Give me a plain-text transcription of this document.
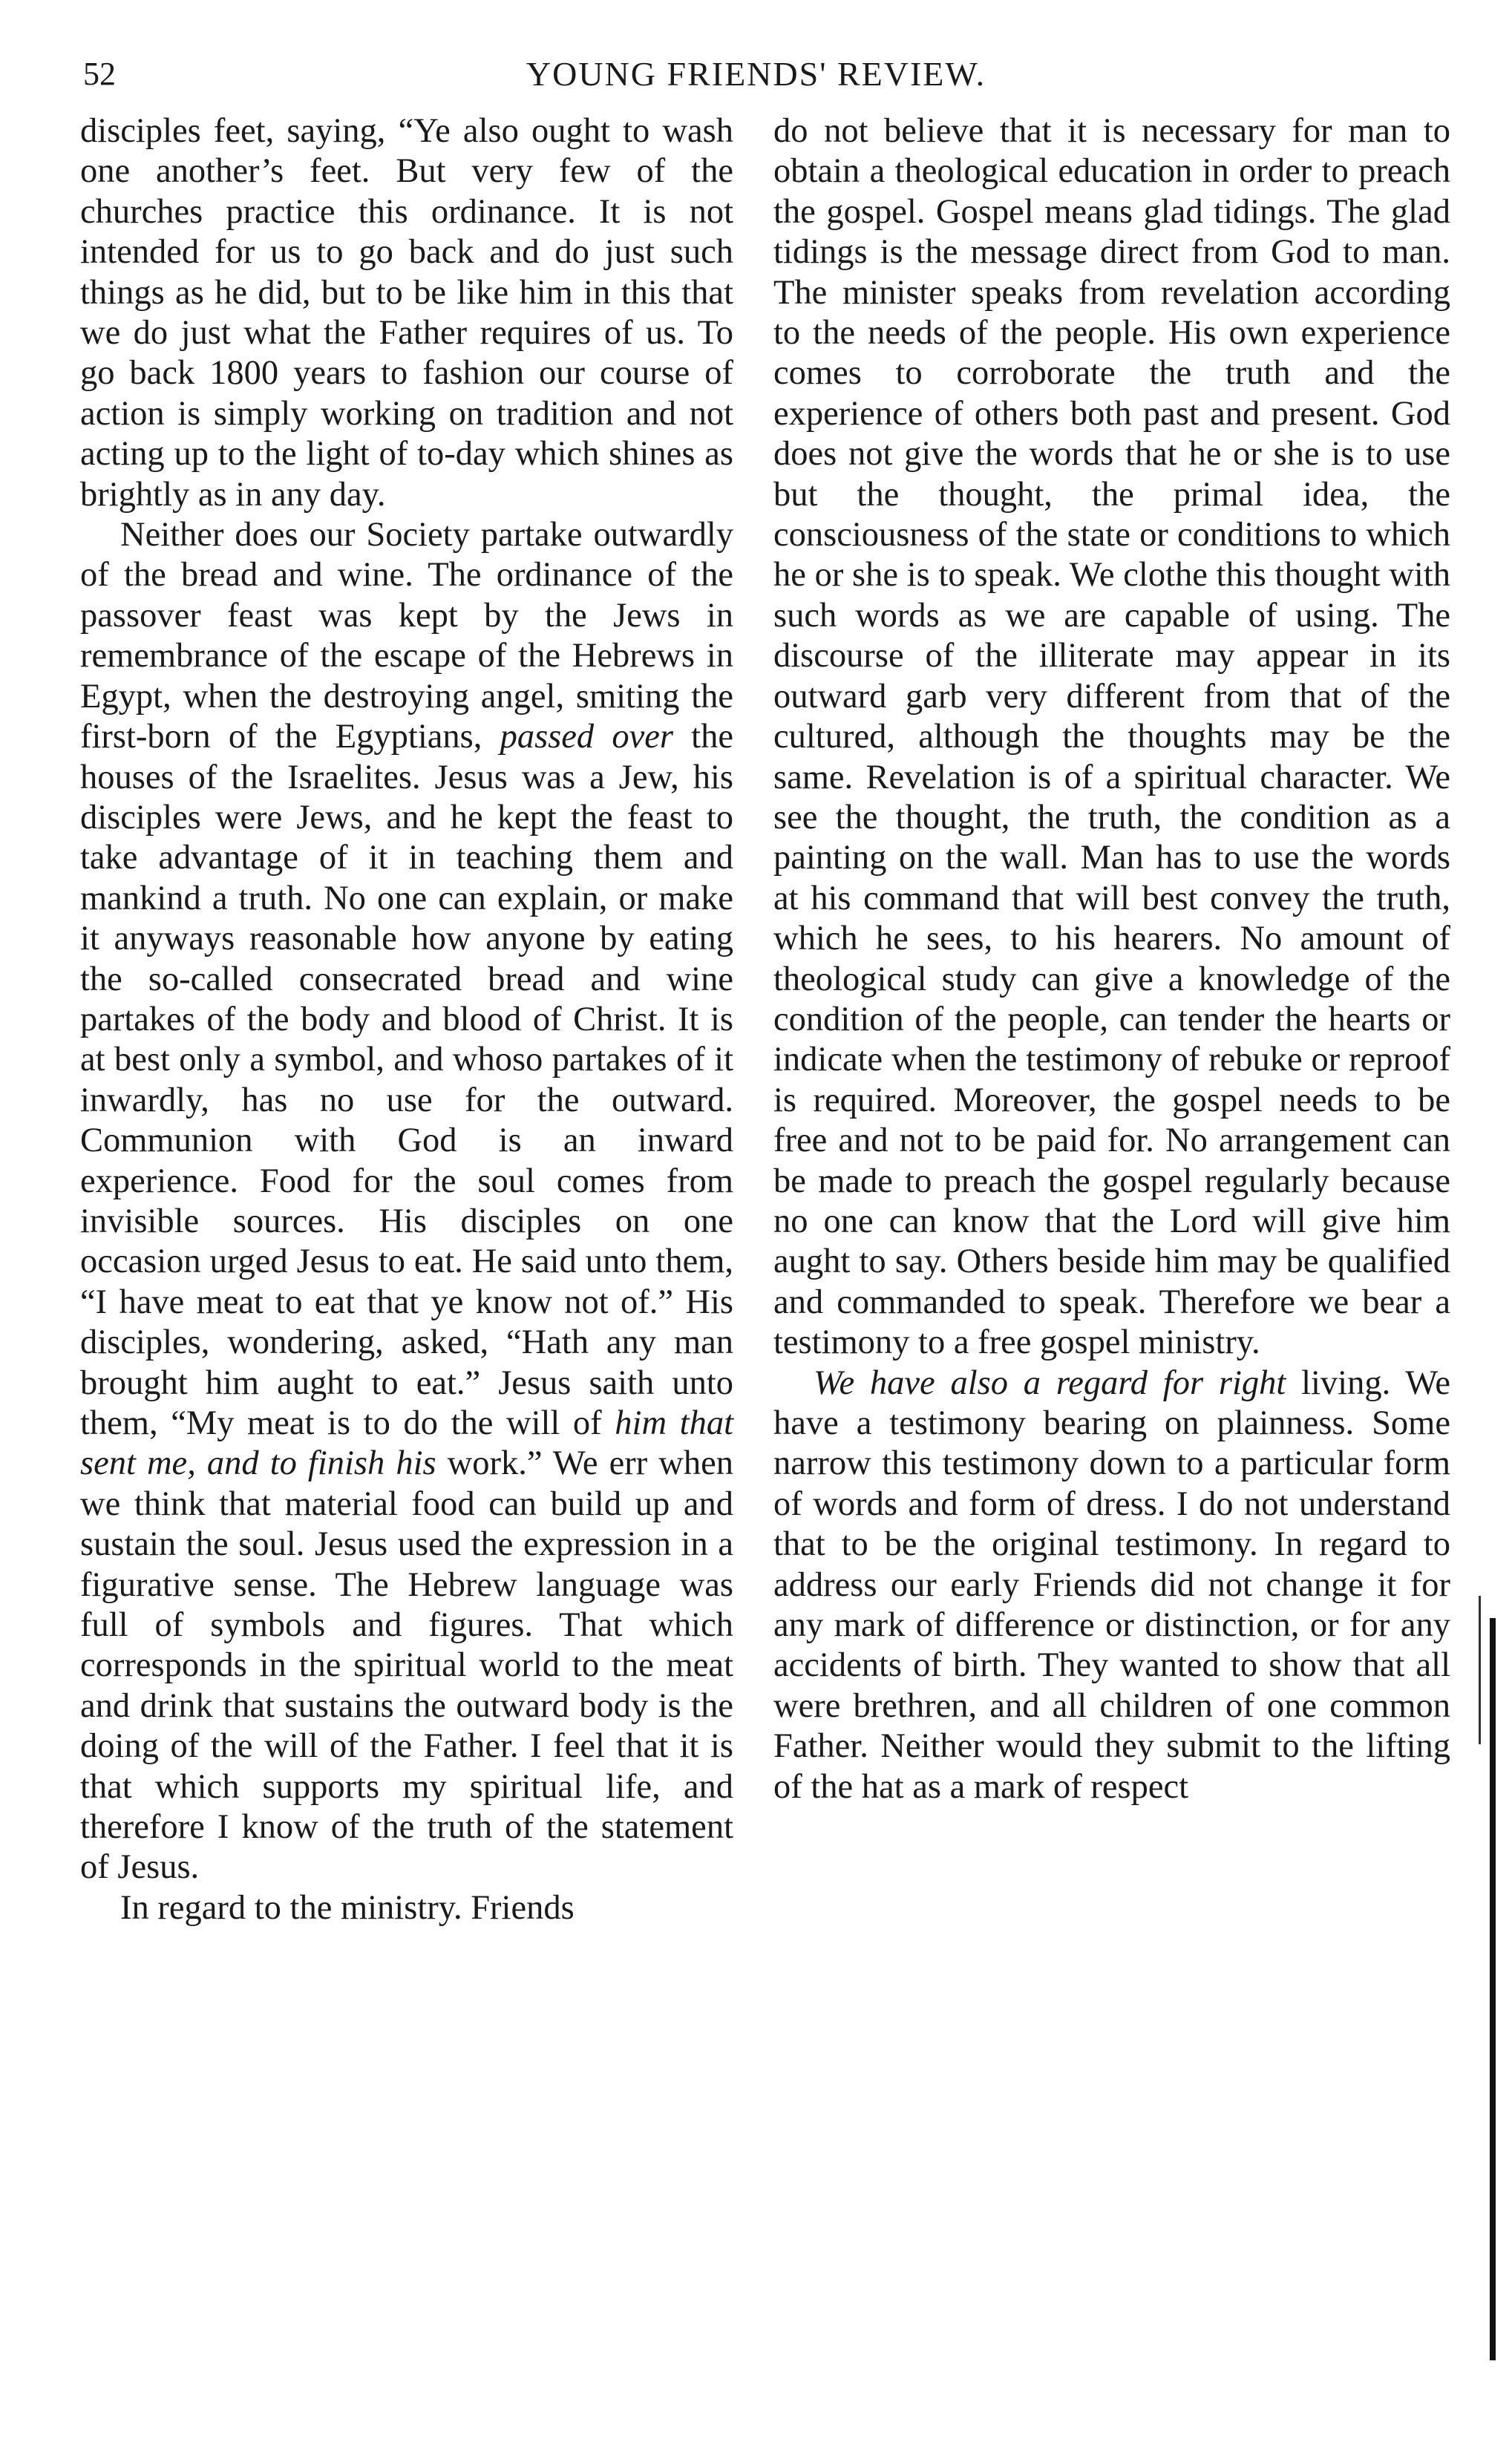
52	YOUNG FRIENDS' REVIEW.

disciples feet, saying, “Ye also ought to wash one another’s feet. But very few of the churches practice this ordinance. It is not intended for us to go back and do just such things as he did, but to be like him in this that we do just what the Father requires of us. To go back 1800 years to fashion our course of action is simply working on tradition and not acting up to the light of to-day which shines as brightly as in any day.

Neither does our Society partake outwardly of the bread and wine. The ordinance of the passover feast was kept by the Jews in remembrance of the escape of the Hebrews in Egypt, when the destroying angel, smiting the first-born of the Egyptians, passed over the houses of the Israelites. Jesus was a Jew, his disciples were Jews, and he kept the feast to take advantage of it in teaching them and mankind a truth. No one can explain, or make it anyways reasonable how anyone by eating the so-called consecrated bread and wine partakes of the body and blood of Christ. It is at best only a symbol, and whoso partakes of it inwardly, has no use for the outward. Communion with God is an inward experience. Food for the soul comes from invisible sources. His disciples on one occasion urged Jesus to eat. He said unto them, “I have meat to eat that ye know not of.” His disciples, wondering, asked, “Hath any man brought him aught to eat.” Jesus saith unto them, “My meat is to do the will of him that sent me, and to finish his work.” We err when we think that material food can build up and sustain the soul. Jesus used the expression in a figurative sense. The Hebrew language was full of symbols and figures. That which corresponds in the spiritual world to the meat and drink that sustains the outward body is the doing of the will of the Father. I feel that it is that which supports my spiritual life, and therefore I know of the truth of the statement of Jesus.

In regard to the ministry. Friends

do not believe that it is necessary for man to obtain a theological education in order to preach the gospel. Gospel means glad tidings. The glad tidings is the message direct from God to man. The minister speaks from revelation according to the needs of the people. His own experience comes to corroborate the truth and the experience of others both past and present. God does not give the words that he or she is to use but the thought, the primal idea, the consciousness of the state or conditions to which he or she is to speak. We clothe this thought with such words as we are capable of using. The discourse of the illiterate may appear in its outward garb very different from that of the cultured, although the thoughts may be the same. Revelation is of a spiritual character. We see the thought, the truth, the condition as a painting on the wall. Man has to use the words at his command that will best convey the truth, which he sees, to his hearers. No amount of theological study can give a knowledge of the condition of the people, can tender the hearts or indicate when the testimony of rebuke or reproof is required. Moreover, the gospel needs to be free and not to be paid for. No arrangement can be made to preach the gospel regularly because no one can know that the Lord will give him aught to say. Others beside him may be qualified and commanded to speak. Therefore we bear a testimony to a free gospel ministry.

We have also a regard for right living. We have a testimony bearing on plainness. Some narrow this testimony down to a particular form of words and form of dress. I do not understand that to be the original testimony. In regard to address our early Friends did not change it for any mark of difference or distinction, or for any accidents of birth. They wanted to show that all were brethren, and all children of one common Father. Neither would they submit to the lifting of the hat as a mark of respect
